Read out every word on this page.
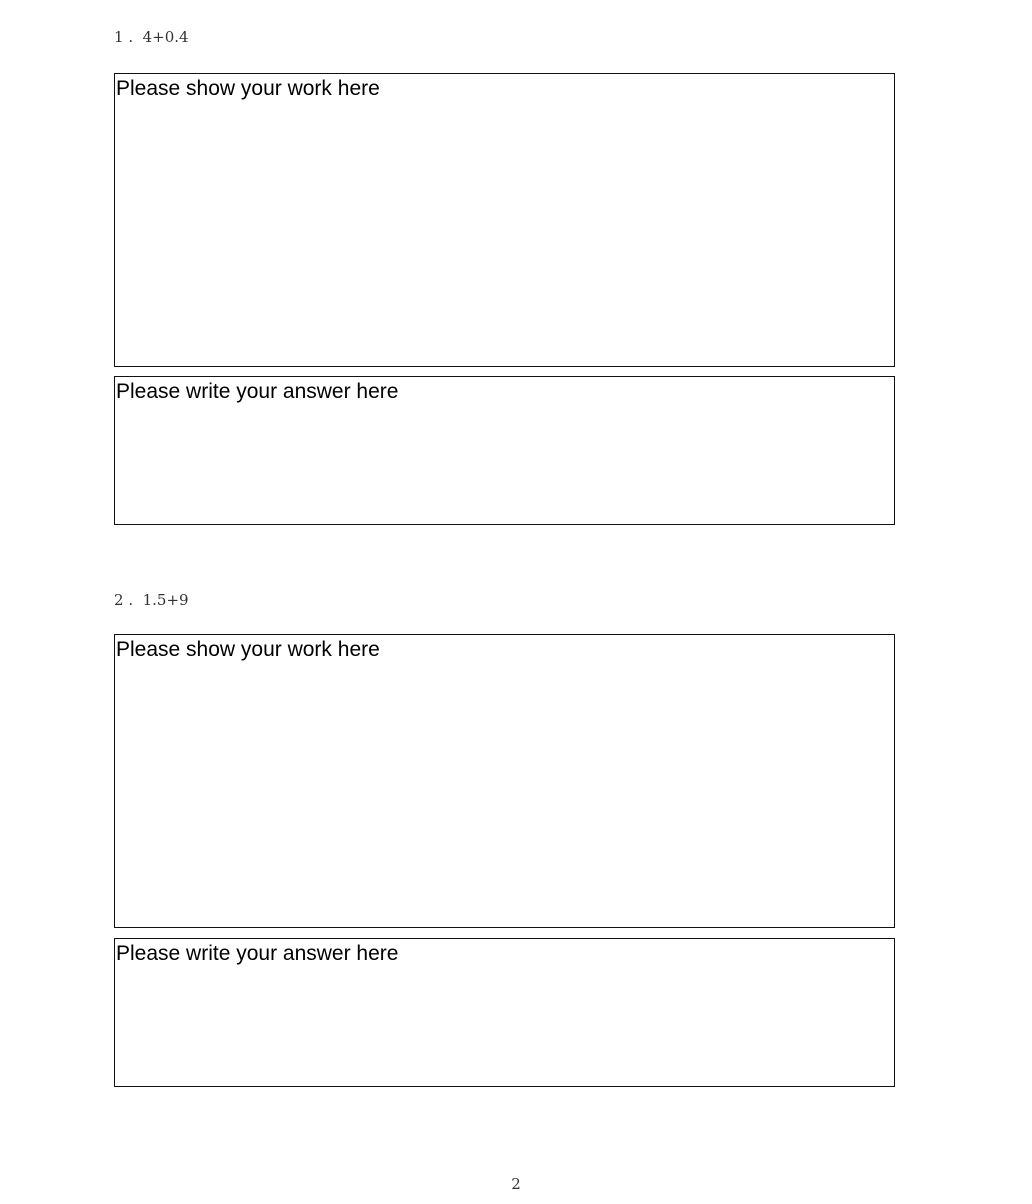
1 .  4+0.4
Please show your work here
Please write your answer here
2 .  1.5+9
Please show your work here
Please write your answer here
2
